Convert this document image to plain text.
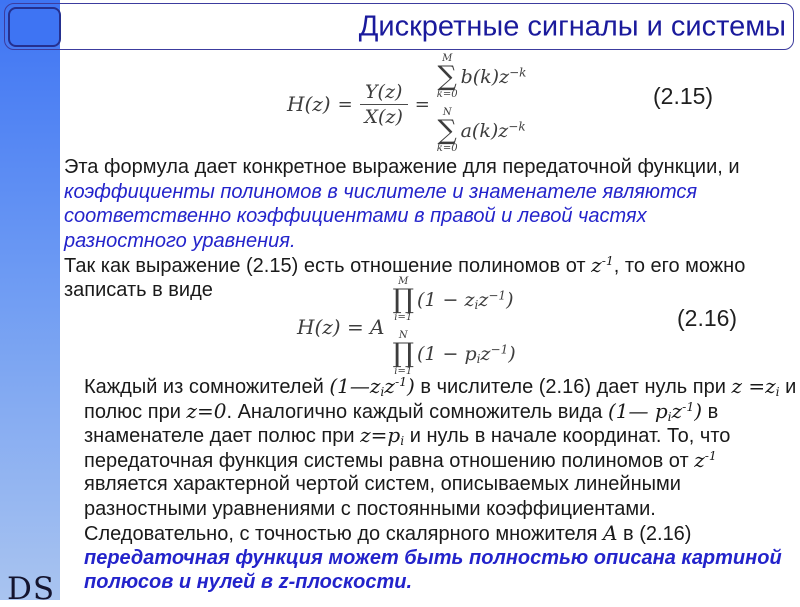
Дискретные сигналы и системы
$H(z) = \frac{Y(z)}{X(z)}$ =
M
∑
k=0
$b(k)z^{-k}$
N
∑
k=0
$a(k)z^{-k}$
(2.15)
Эта формула дает конкретное выражение для передаточной функции, и
коэффициенты полиномов в числителе и знаменателе являются
соответственно коэффициентами в правой и левой частях
разностного уравнения.
Так как выражение (2.15) есть отношение полиномов от $z^{-1}$, то его можно
записать в виде
H(z) = A
M
∏
i=1
$(1 - z_iz^{-1})$
N
∏
i=1
$(1 - p_iz^{-1})$
(2.16)
Каждый из сомножителей $(1—z_iz^{-1})$ в числителе (2.16) дает нуль при $z =z_i$ и
полюс при z=0. Аналогично каждый сомножитель вида (1— $p_iz^{-1}$) в
знаменателе дает полюс при $z=p_i$ и нуль в начале координат. То, что
передаточная функция системы равна отношению полиномов от $z^{-1}$
является характерной чертой систем, описываемых линейными
разностными уравнениями с постоянными коэффициентами.
Следовательно, с точностью до скалярного множителя A в (2.16)
передаточная функция может быть полностью описана картиной
полюсов и нулей в z-плоскости.
DS
